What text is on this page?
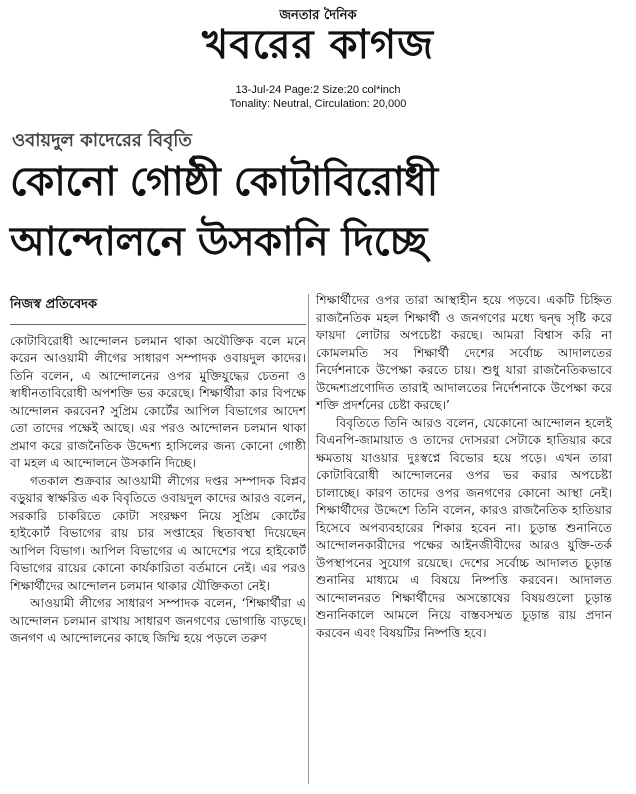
জনতার দৈনিক
খবরের কাগজ
13-Jul-24 Page:2 Size:20 col*inch
Tonality: Neutral, Circulation: 20,000
ওবায়দুল কাদেরের বিবৃতি
কোনো গোষ্ঠী কোটাবিরোধী আন্দোলনে উসকানি দিচ্ছে
নিজস্ব প্রতিবেদক

কোটাবিরোধী আন্দোলন চলমান থাকা অযৌক্তিক বলে মনে করেন আওয়ামী লীগের সাধারণ সম্পাদক ওবায়দুল কাদের। তিনি বলেন, এ আন্দোলনের ওপর মুক্তিযুদ্ধের চেতনা ও স্বাধীনতাবিরোধী অপশক্তি ভর করেছে। শিক্ষার্থীরা কার বিপক্ষে আন্দোলন করবেন? সুপ্রিম কোর্টের আপিল বিভাগের আদেশ তো তাদের পক্ষেই আছে। এর পরও আন্দোলন চলমান থাকা প্রমাণ করে রাজনৈতিক উদ্দেশ্য হাসিলের জন্য কোনো গোষ্ঠী বা মহল এ আন্দোলনে উসকানি দিচ্ছে।

গতকাল শুক্রবার আওয়ামী লীগের দপ্তর সম্পাদক বিপ্লব বড়ুয়ার স্বাক্ষরিত এক বিবৃতিতে ওবায়দুল কাদের আরও বলেন, সরকারি চাকরিতে কোটা সংরক্ষণ নিয়ে সুপ্রিম কোর্টের হাইকোর্ট বিভাগের রায় চার সপ্তাহের স্থিতাবস্থা দিয়েছেন আপিল বিভাগ। আপিল বিভাগের এ আদেশের পরে হাইকোর্ট বিভাগের রায়ের কোনো কার্যকারিতা বর্তমানে নেই। এর পরও শিক্ষার্থীদের আন্দোলন চলমান থাকার যৌক্তিকতা নেই।

আওয়ামী লীগের সাধারণ সম্পাদক বলেন, ‘শিক্ষার্থীরা এ আন্দোলন চলমান রাখায় সাধারণ জনগণের ভোগান্তি বাড়ছে। জনগণ এ আন্দোলনের কাছে জিম্মি হয়ে পড়লে তরুণ

শিক্ষার্থীদের ওপর তারা আস্থাহীন হয়ে পড়বে। একটি চিহ্নিত রাজনৈতিক মহল শিক্ষার্থী ও জনগণের মধ্যে দ্বন্দ্ব সৃষ্টি করে ফায়দা লোটার অপচেষ্টা করছে। আমরা বিশ্বাস করি না কোমলমতি সব শিক্ষার্থী দেশের সর্বোচ্চ আদালতের নির্দেশনাকে উপেক্ষা করতে চায়। শুধু যারা রাজনৈতিকভাবে উদ্দেশ্যপ্রণোদিত তারাই আদালতের নির্দেশনাকে উপেক্ষা করে শক্তি প্রদর্শনের চেষ্টা করছে।’

বিবৃতিতে তিনি আরও বলেন, যেকোনো আন্দোলন হলেই বিএনপি-জামায়াত ও তাদের দোসররা সেটাকে হাতিয়ার করে ক্ষমতায় যাওয়ার দুঃস্বপ্নে বিভোর হয়ে পড়ে। এখন তারা কোটাবিরোধী আন্দোলনের ওপর ভর করার অপচেষ্টা চালাচ্ছে। কারণ তাদের ওপর জনগণের কোনো আস্থা নেই। শিক্ষার্থীদের উদ্দেশে তিনি বলেন, কারও রাজনৈতিক হাতিয়ার হিসেবে অপব্যবহারের শিকার হবেন না। চূড়ান্ত শুনানিতে আন্দোলনকারীদের পক্ষের আইনজীবীদের আরও যুক্তি-তর্ক উপস্থাপনের সুযোগ রয়েছে। দেশের সর্বোচ্চ আদালত চূড়ান্ত শুনানির মাধ্যমে এ বিষয়ে নিষ্পত্তি করবেন। আদালত আন্দোলনরত শিক্ষার্থীদের অসন্তোষের বিষয়গুলো চূড়ান্ত শুনানিকালে আমলে নিয়ে বাস্তবসম্মত চূড়ান্ত রায় প্রদান করবেন এবং বিষয়টির নিষ্পত্তি হবে।
